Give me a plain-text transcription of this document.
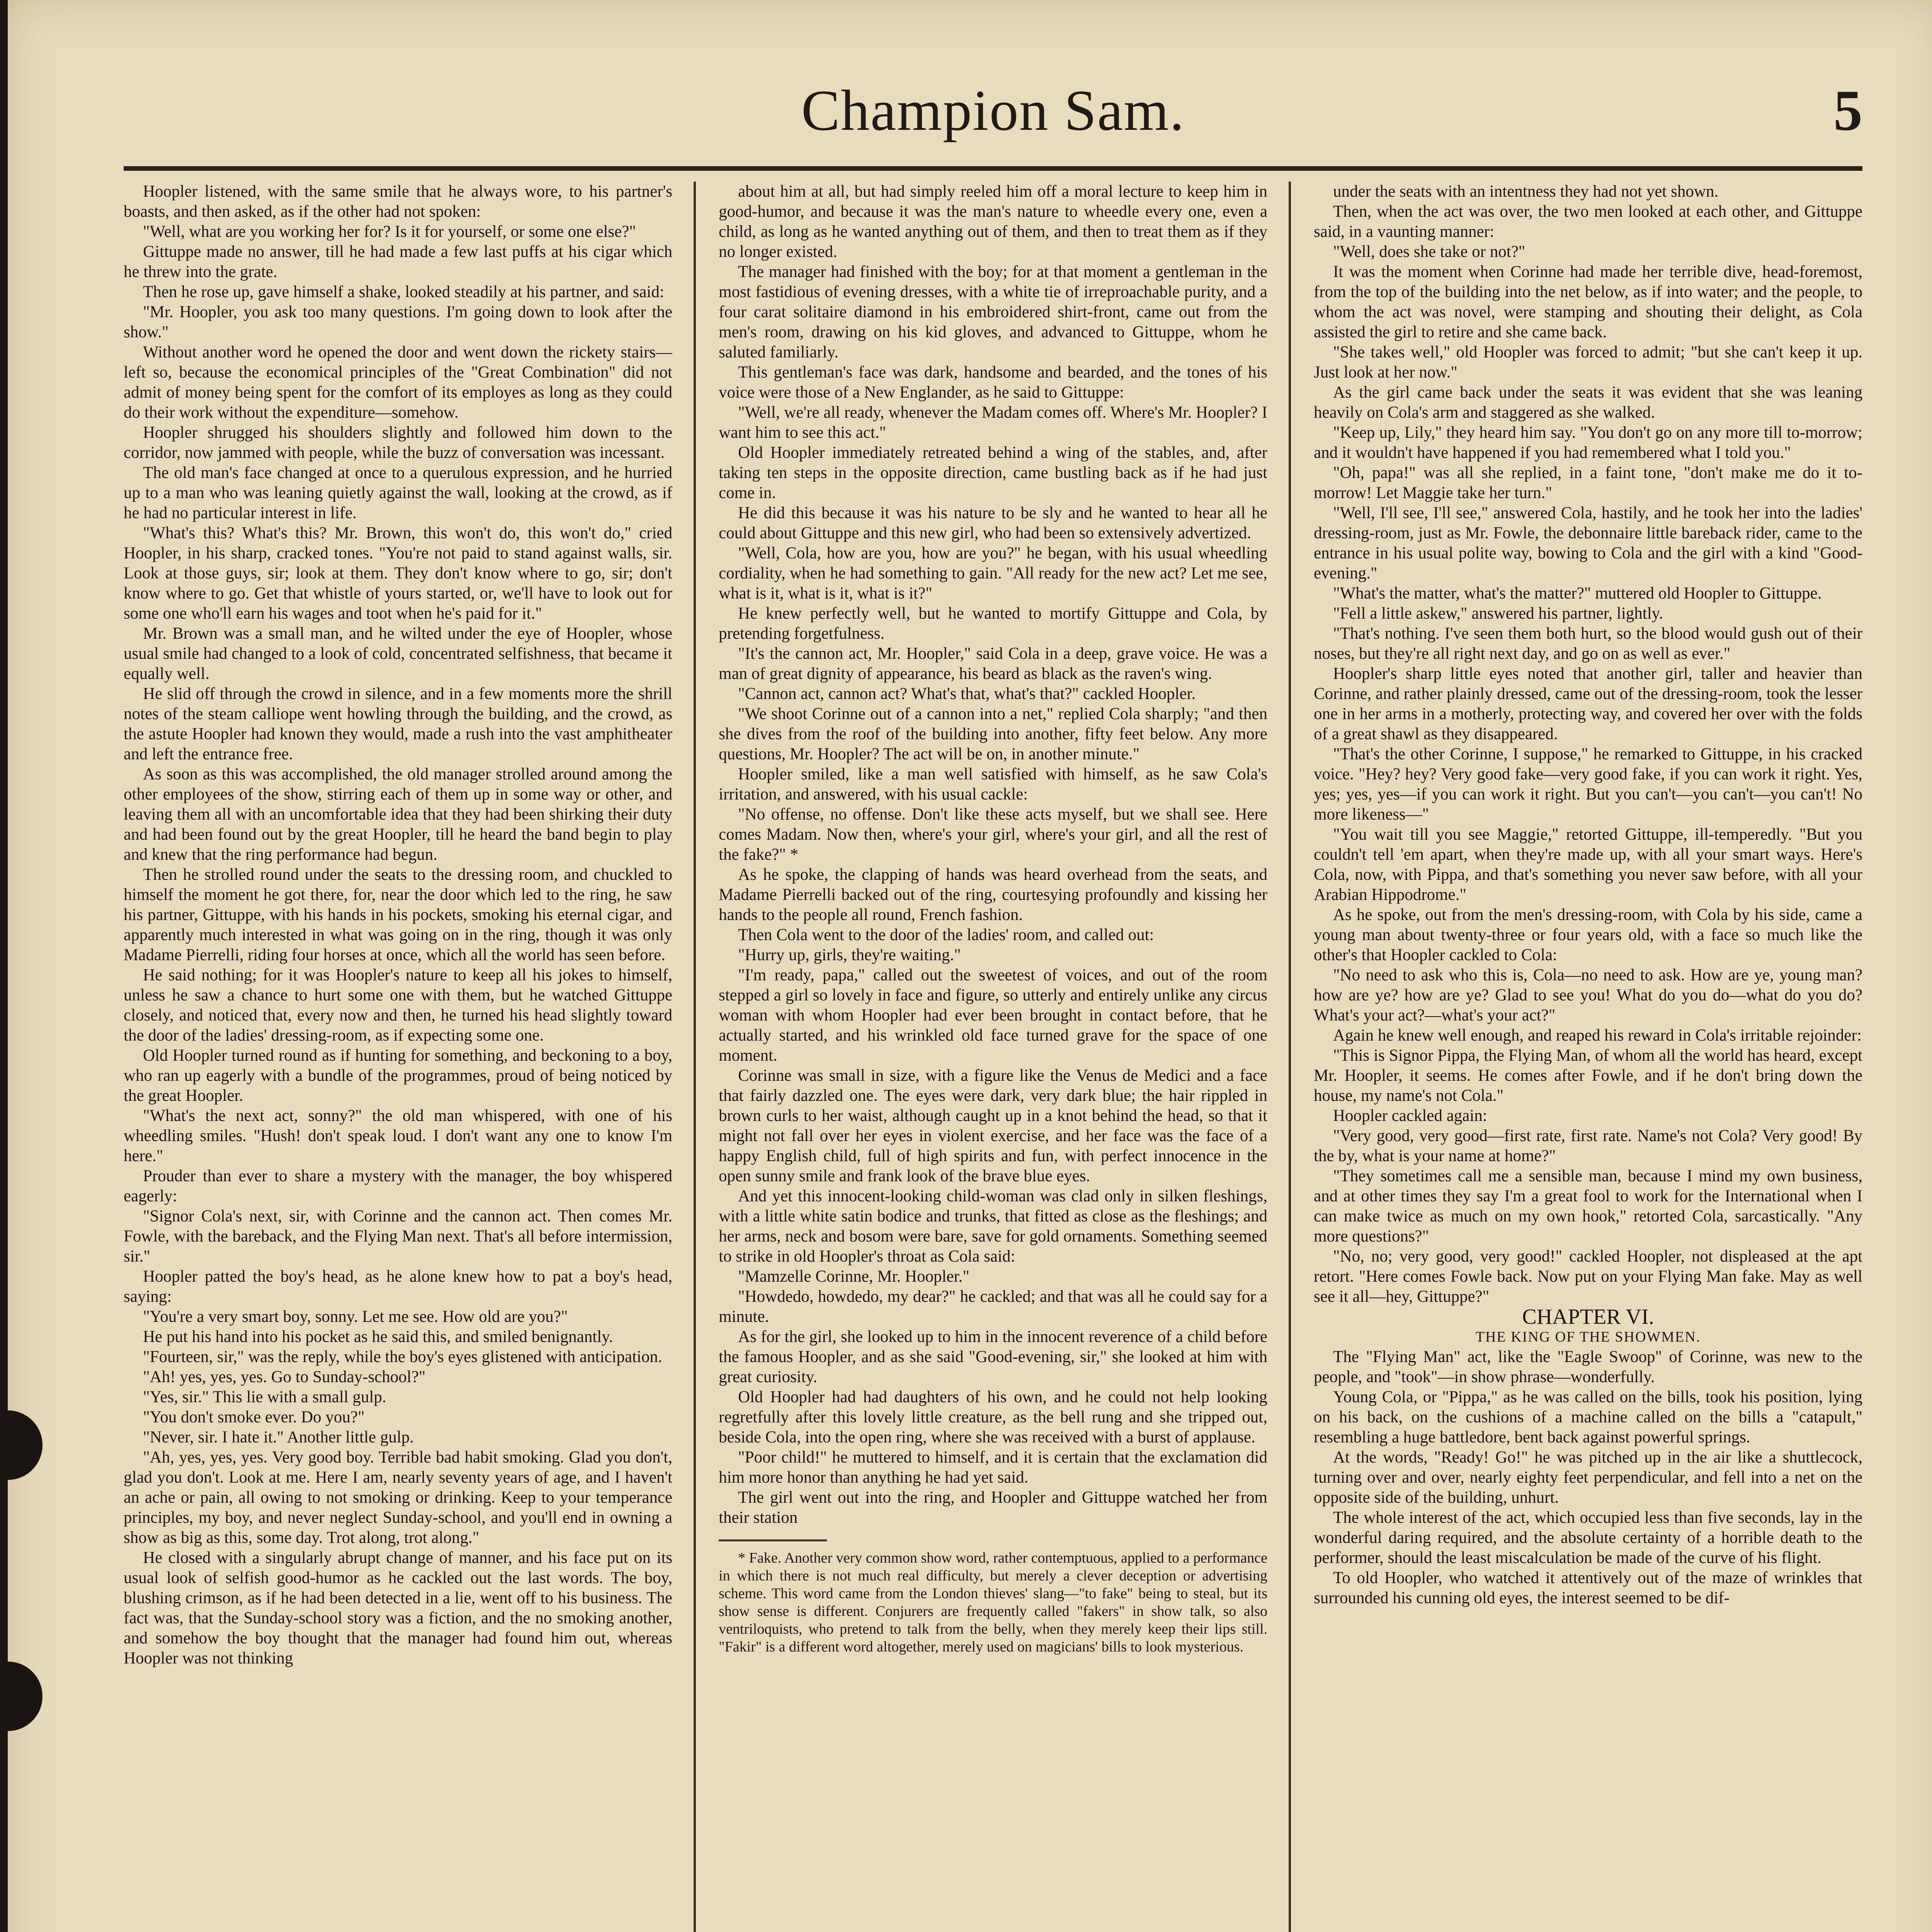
Champion Sam.	5

Hoopler listened, with the same smile that he always wore, to his partner's boasts, and then asked, as if the other had not spoken:

"Well, what are you working her for? Is it for yourself, or some one else?"

Gittuppe made no answer, till he had made a few last puffs at his cigar which he threw into the grate.

Then he rose up, gave himself a shake, looked steadily at his partner, and said:

"Mr. Hoopler, you ask too many questions. I'm going down to look after the show."

Without another word he opened the door and went down the rickety stairs—left so, because the economical principles of the "Great Combination" did not admit of money being spent for the comfort of its employes as long as they could do their work without the expenditure—somehow.

Hoopler shrugged his shoulders slightly and followed him down to the corridor, now jammed with people, while the buzz of conversation was incessant.

The old man's face changed at once to a querulous expression, and he hurried up to a man who was leaning quietly against the wall, looking at the crowd, as if he had no particular interest in life.

"What's this? What's this? Mr. Brown, this won't do, this won't do," cried Hoopler, in his sharp, cracked tones. "You're not paid to stand against walls, sir. Look at those guys, sir; look at them. They don't know where to go, sir; don't know where to go. Get that whistle of yours started, or, we'll have to look out for some one who'll earn his wages and toot when he's paid for it."

Mr. Brown was a small man, and he wilted under the eye of Hoopler, whose usual smile had changed to a look of cold, concentrated selfishness, that became it equally well.

He slid off through the crowd in silence, and in a few moments more the shrill notes of the steam calliope went howling through the building, and the crowd, as the astute Hoopler had known they would, made a rush into the vast amphitheater and left the entrance free.

As soon as this was accomplished, the old manager strolled around among the other employees of the show, stirring each of them up in some way or other, and leaving them all with an uncomfortable idea that they had been shirking their duty and had been found out by the great Hoopler, till he heard the band begin to play and knew that the ring performance had begun.

Then he strolled round under the seats to the dressing room, and chuckled to himself the moment he got there, for, near the door which led to the ring, he saw his partner, Gittuppe, with his hands in his pockets, smoking his eternal cigar, and apparently much interested in what was going on in the ring, though it was only Madame Pierrelli, riding four horses at once, which all the world has seen before.

He said nothing; for it was Hoopler's nature to keep all his jokes to himself, unless he saw a chance to hurt some one with them, but he watched Gittuppe closely, and noticed that, every now and then, he turned his head slightly toward the door of the ladies' dressing-room, as if expecting some one.

Old Hoopler turned round as if hunting for something, and beckoning to a boy, who ran up eagerly with a bundle of the programmes, proud of being noticed by the great Hoopler.

"What's the next act, sonny?" the old man whispered, with one of his wheedling smiles. "Hush! don't speak loud. I don't want any one to know I'm here."

Prouder than ever to share a mystery with the manager, the boy whispered eagerly:

"Signor Cola's next, sir, with Corinne and the cannon act. Then comes Mr. Fowle, with the bareback, and the Flying Man next. That's all before intermission, sir."

Hoopler patted the boy's head, as he alone knew how to pat a boy's head, saying:

"You're a very smart boy, sonny. Let me see. How old are you?"

He put his hand into his pocket as he said this, and smiled benignantly.

"Fourteen, sir," was the reply, while the boy's eyes glistened with anticipation.

"Ah! yes, yes, yes. Go to Sunday-school?"

"Yes, sir." This lie with a small gulp.

"You don't smoke ever. Do you?"

"Never, sir. I hate it." Another little gulp.

"Ah, yes, yes, yes. Very good boy. Terrible bad habit smoking. Glad you don't, glad you don't. Look at me. Here I am, nearly seventy years of age, and I haven't an ache or pain, all owing to not smoking or drinking. Keep to your temperance principles, my boy, and never neglect Sunday-school, and you'll end in owning a show as big as this, some day. Trot along, trot along."

He closed with a singularly abrupt change of manner, and his face put on its usual look of selfish good-humor as he cackled out the last words. The boy, blushing crimson, as if he had been detected in a lie, went off to his business. The fact was, that the Sunday-school story was a fiction, and the no smoking another, and somehow the boy thought that the manager had found him out, whereas Hoopler was not thinking

about him at all, but had simply reeled him off a moral lecture to keep him in good-humor, and because it was the man's nature to wheedle every one, even a child, as long as he wanted anything out of them, and then to treat them as if they no longer existed.

The manager had finished with the boy; for at that moment a gentleman in the most fastidious of evening dresses, with a white tie of irreproachable purity, and a four carat solitaire diamond in his embroidered shirt-front, came out from the men's room, drawing on his kid gloves, and advanced to Gittuppe, whom he saluted familiarly.

This gentleman's face was dark, handsome and bearded, and the tones of his voice were those of a New Englander, as he said to Gittuppe:

"Well, we're all ready, whenever the Madam comes off. Where's Mr. Hoopler? I want him to see this act."

Old Hoopler immediately retreated behind a wing of the stables, and, after taking ten steps in the opposite direction, came bustling back as if he had just come in.

He did this because it was his nature to be sly and he wanted to hear all he could about Gittuppe and this new girl, who had been so extensively advertized.

"Well, Cola, how are you, how are you?" he began, with his usual wheedling cordiality, when he had something to gain. "All ready for the new act? Let me see, what is it, what is it, what is it?"

He knew perfectly well, but he wanted to mortify Gittuppe and Cola, by pretending forgetfulness.

"It's the cannon act, Mr. Hoopler," said Cola in a deep, grave voice. He was a man of great dignity of appearance, his beard as black as the raven's wing.

"Cannon act, cannon act? What's that, what's that?" cackled Hoopler.

"We shoot Corinne out of a cannon into a net," replied Cola sharply; "and then she dives from the roof of the building into another, fifty feet below. Any more questions, Mr. Hoopler? The act will be on, in another minute."

Hoopler smiled, like a man well satisfied with himself, as he saw Cola's irritation, and answered, with his usual cackle:

"No offense, no offense. Don't like these acts myself, but we shall see. Here comes Madam. Now then, where's your girl, where's your girl, and all the rest of the fake?" *

As he spoke, the clapping of hands was heard overhead from the seats, and Madame Pierrelli backed out of the ring, courtesying profoundly and kissing her hands to the people all round, French fashion.

Then Cola went to the door of the ladies' room, and called out:

"Hurry up, girls, they're waiting."

"I'm ready, papa," called out the sweetest of voices, and out of the room stepped a girl so lovely in face and figure, so utterly and entirely unlike any circus woman with whom Hoopler had ever been brought in contact before, that he actually started, and his wrinkled old face turned grave for the space of one moment.

Corinne was small in size, with a figure like the Venus de Medici and a face that fairly dazzled one. The eyes were dark, very dark blue; the hair rippled in brown curls to her waist, although caught up in a knot behind the head, so that it might not fall over her eyes in violent exercise, and her face was the face of a happy English child, full of high spirits and fun, with perfect innocence in the open sunny smile and frank look of the brave blue eyes.

And yet this innocent-looking child-woman was clad only in silken fleshings, with a little white satin bodice and trunks, that fitted as close as the fleshings; and her arms, neck and bosom were bare, save for gold ornaments. Something seemed to strike in old Hoopler's throat as Cola said:

"Mamzelle Corinne, Mr. Hoopler."

"Howdedo, howdedo, my dear?" he cackled; and that was all he could say for a minute.

As for the girl, she looked up to him in the innocent reverence of a child before the famous Hoopler, and as she said "Good-evening, sir," she looked at him with great curiosity.

Old Hoopler had had daughters of his own, and he could not help looking regretfully after this lovely little creature, as the bell rung and she tripped out, beside Cola, into the open ring, where she was received with a burst of applause.

"Poor child!" he muttered to himself, and it is certain that the exclamation did him more honor than anything he had yet said.

The girl went out into the ring, and Hoopler and Gittuppe watched her from their station

* Fake. Another very common show word, rather contemptuous, applied to a performance in which there is not much real difficulty, but merely a clever deception or advertising scheme. This word came from the London thieves' slang—"to fake" being to steal, but its show sense is different. Conjurers are frequently called "fakers" in show talk, so also ventriloquists, who pretend to talk from the belly, when they merely keep their lips still. "Fakir" is a different word altogether, merely used on magicians' bills to look mysterious.

under the seats with an intentness they had not yet shown.

Then, when the act was over, the two men looked at each other, and Gittuppe said, in a vaunting manner:

"Well, does she take or not?"

It was the moment when Corinne had made her terrible dive, head-foremost, from the top of the building into the net below, as if into water; and the people, to whom the act was novel, were stamping and shouting their delight, as Cola assisted the girl to retire and she came back.

"She takes well," old Hoopler was forced to admit; "but she can't keep it up. Just look at her now."

As the girl came back under the seats it was evident that she was leaning heavily on Cola's arm and staggered as she walked.

"Keep up, Lily," they heard him say. "You don't go on any more till to-morrow; and it wouldn't have happened if you had remembered what I told you."

"Oh, papa!" was all she replied, in a faint tone, "don't make me do it to-morrow! Let Maggie take her turn."

"Well, I'll see, I'll see," answered Cola, hastily, and he took her into the ladies' dressing-room, just as Mr. Fowle, the debonnaire little bareback rider, came to the entrance in his usual polite way, bowing to Cola and the girl with a kind "Good-evening."

"What's the matter, what's the matter?" muttered old Hoopler to Gittuppe.

"Fell a little askew," answered his partner, lightly.

"That's nothing. I've seen them both hurt, so the blood would gush out of their noses, but they're all right next day, and go on as well as ever."

Hoopler's sharp little eyes noted that another girl, taller and heavier than Corinne, and rather plainly dressed, came out of the dressing-room, took the lesser one in her arms in a motherly, protecting way, and covered her over with the folds of a great shawl as they disappeared.

"That's the other Corinne, I suppose," he remarked to Gittuppe, in his cracked voice. "Hey? hey? Very good fake—very good fake, if you can work it right. Yes, yes; yes, yes—if you can work it right. But you can't—you can't—you can't! No more likeness—"

"You wait till you see Maggie," retorted Gittuppe, ill-temperedly. "But you couldn't tell 'em apart, when they're made up, with all your smart ways. Here's Cola, now, with Pippa, and that's something you never saw before, with all your Arabian Hippodrome."

As he spoke, out from the men's dressing-room, with Cola by his side, came a young man about twenty-three or four years old, with a face so much like the other's that Hoopler cackled to Cola:

"No need to ask who this is, Cola—no need to ask. How are ye, young man? how are ye? how are ye? Glad to see you! What do you do—what do you do? What's your act?—what's your act?"

Again he knew well enough, and reaped his reward in Cola's irritable rejoinder:

"This is Signor Pippa, the Flying Man, of whom all the world has heard, except Mr. Hoopler, it seems. He comes after Fowle, and if he don't bring down the house, my name's not Cola."

Hoopler cackled again:

"Very good, very good—first rate, first rate. Name's not Cola? Very good! By the by, what is your name at home?"

"They sometimes call me a sensible man, because I mind my own business, and at other times they say I'm a great fool to work for the International when I can make twice as much on my own hook," retorted Cola, sarcastically. "Any more questions?"

"No, no; very good, very good!" cackled Hoopler, not displeased at the apt retort. "Here comes Fowle back. Now put on your Flying Man fake. May as well see it all—hey, Gittuppe?"

CHAPTER VI.

THE KING OF THE SHOWMEN.

The "Flying Man" act, like the "Eagle Swoop" of Corinne, was new to the people, and "took"—in show phrase—wonderfully.

Young Cola, or "Pippa," as he was called on the bills, took his position, lying on his back, on the cushions of a machine called on the bills a "catapult," resembling a huge battledore, bent back against powerful springs.

At the words, "Ready! Go!" he was pitched up in the air like a shuttlecock, turning over and over, nearly eighty feet perpendicular, and fell into a net on the opposite side of the building, unhurt.

The whole interest of the act, which occupied less than five seconds, lay in the wonderful daring required, and the absolute certainty of a horrible death to the performer, should the least miscalculation be made of the curve of his flight.

To old Hoopler, who watched it attentively out of the maze of wrinkles that surrounded his cunning old eyes, the interest seemed to be dif-
